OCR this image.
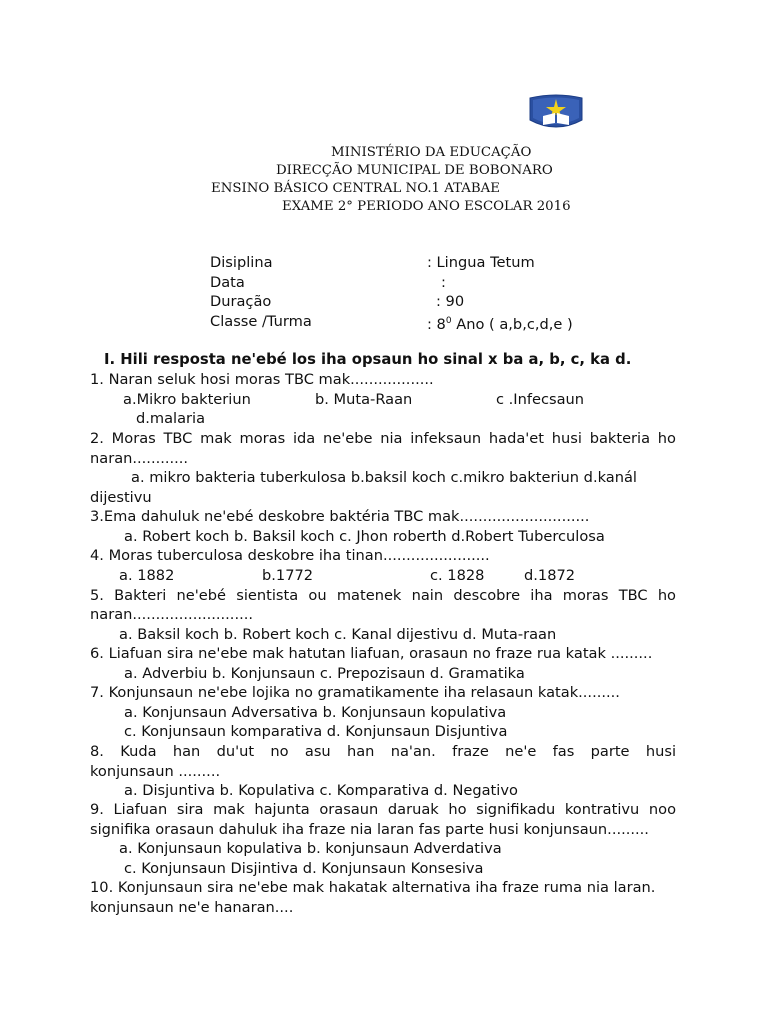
MINISTÉRIO DA EDUCAÇÃO
DIRECÇÃO MUNICIPAL DE BOBONARO
ENSINO BÁSICO CENTRAL NO.1 ATABAE
EXAME 2° PERIODO ANO ESCOLAR 2016
Disiplina	: Lingua Tetum
Data	:
Duração	: 90
Classe /Turma	: $8^0$ Ano ( a,b,c,d,e )
I. Hili resposta ne'ebé los iha opsaun ho sinal x ba a, b, c, ka d.
1. Naran seluk hosi moras TBC mak..................
a.Mikro bakteriun	b. Muta-Raan	c .Infecsaun
d.malaria
2. Moras TBC mak moras ida ne'ebe nia infeksaun hada'et husi bakteria ho
naran............
a. mikro bakteria tuberkulosa b.baksil koch c.mikro bakteriun d.kanál
dijestivu
3.Ema dahuluk ne'ebé deskobre baktéria TBC mak............................
a. Robert koch b. Baksil koch c. Jhon roberth d.Robert Tuberculosa
4. Moras tuberculosa deskobre iha tinan.......................
a. 1882	b.1772	c. 1828	d.1872
5. Bakteri ne'ebé sientista ou matenek nain descobre iha moras TBC ho
naran..........................
a. Baksil koch b. Robert koch c. Kanal dijestivu d. Muta-raan
6. Liafuan sira ne'ebe mak hatutan liafuan, orasaun no fraze rua katak .........
a. Adverbiu b. Konjunsaun c. Prepozisaun d. Gramatika
7. Konjunsaun ne'ebe lojika no gramatikamente iha relasaun katak.........
a. Konjunsaun Adversativa b. Konjunsaun kopulativa
c. Konjunsaun komparativa d. Konjunsaun Disjuntiva
8. Kuda han du'ut no asu han na'an. fraze ne'e fas parte husi
konjunsaun .........
a. Disjuntiva b. Kopulativa c. Komparativa d. Negativo
9. Liafuan sira mak hajunta orasaun daruak ho signifikadu kontrativu noo
signifika orasaun dahuluk iha fraze nia laran fas parte husi konjunsaun.........
a. Konjunsaun kopulativa b. konjunsaun Adverdativa
c. Konjunsaun Disjintiva d. Konjunsaun Konsesiva
10. Konjunsaun sira ne'ebe mak hakatak alternativa iha fraze ruma nia laran.
konjunsaun ne'e hanaran....
